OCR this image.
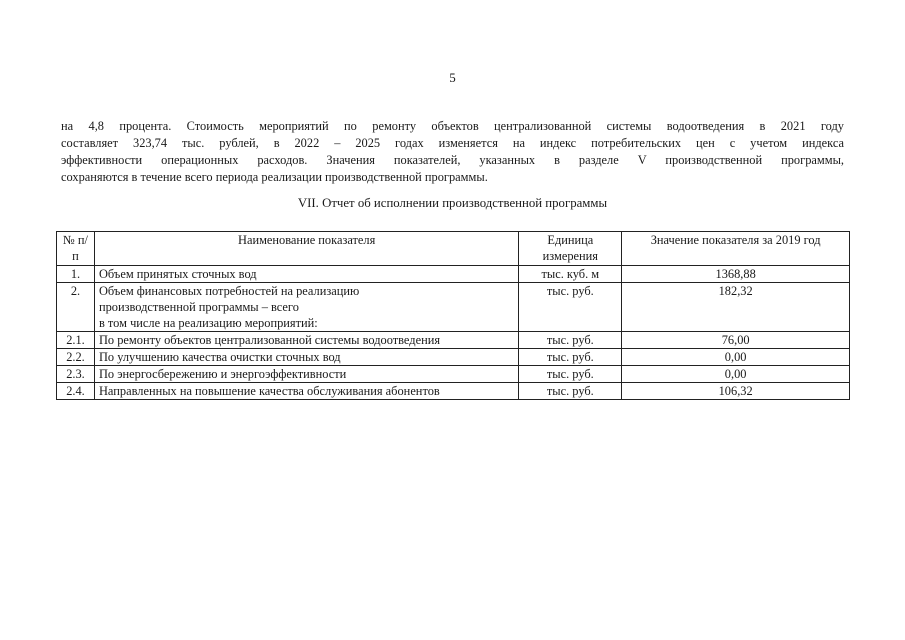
5

на 4,8 процента. Стоимость мероприятий по ремонту объектов централизованной системы водоотведения в 2021 году
составляет 323,74 тыс. рублей, в 2022 – 2025 годах изменяется на индекс потребительских цен с учетом индекса
эффективности операционных расходов. Значения показателей, указанных в разделе V производственной программы,
сохраняются в течение всего периода реализации производственной программы.

VII. Отчет об исполнении производственной программы
№ п/п	Наименование показателя	Единица измерения	Значение показателя за 2019 год
1.	Объем принятых сточных вод	тыс. куб. м	1368,88
2.	Объем финансовых потребностей на реализацию
производственной программы – всего
в том числе на реализацию мероприятий:	тыс. руб.	182,32
2.1.	По ремонту объектов централизованной системы водоотведения	тыс. руб.	76,00
2.2.	По улучшению качества очистки сточных вод	тыс. руб.	0,00
2.3.	По энергосбережению и энергоэффективности	тыс. руб.	0,00
2.4.	Направленных на повышение качества обслуживания абонентов	тыс. руб.	106,32
